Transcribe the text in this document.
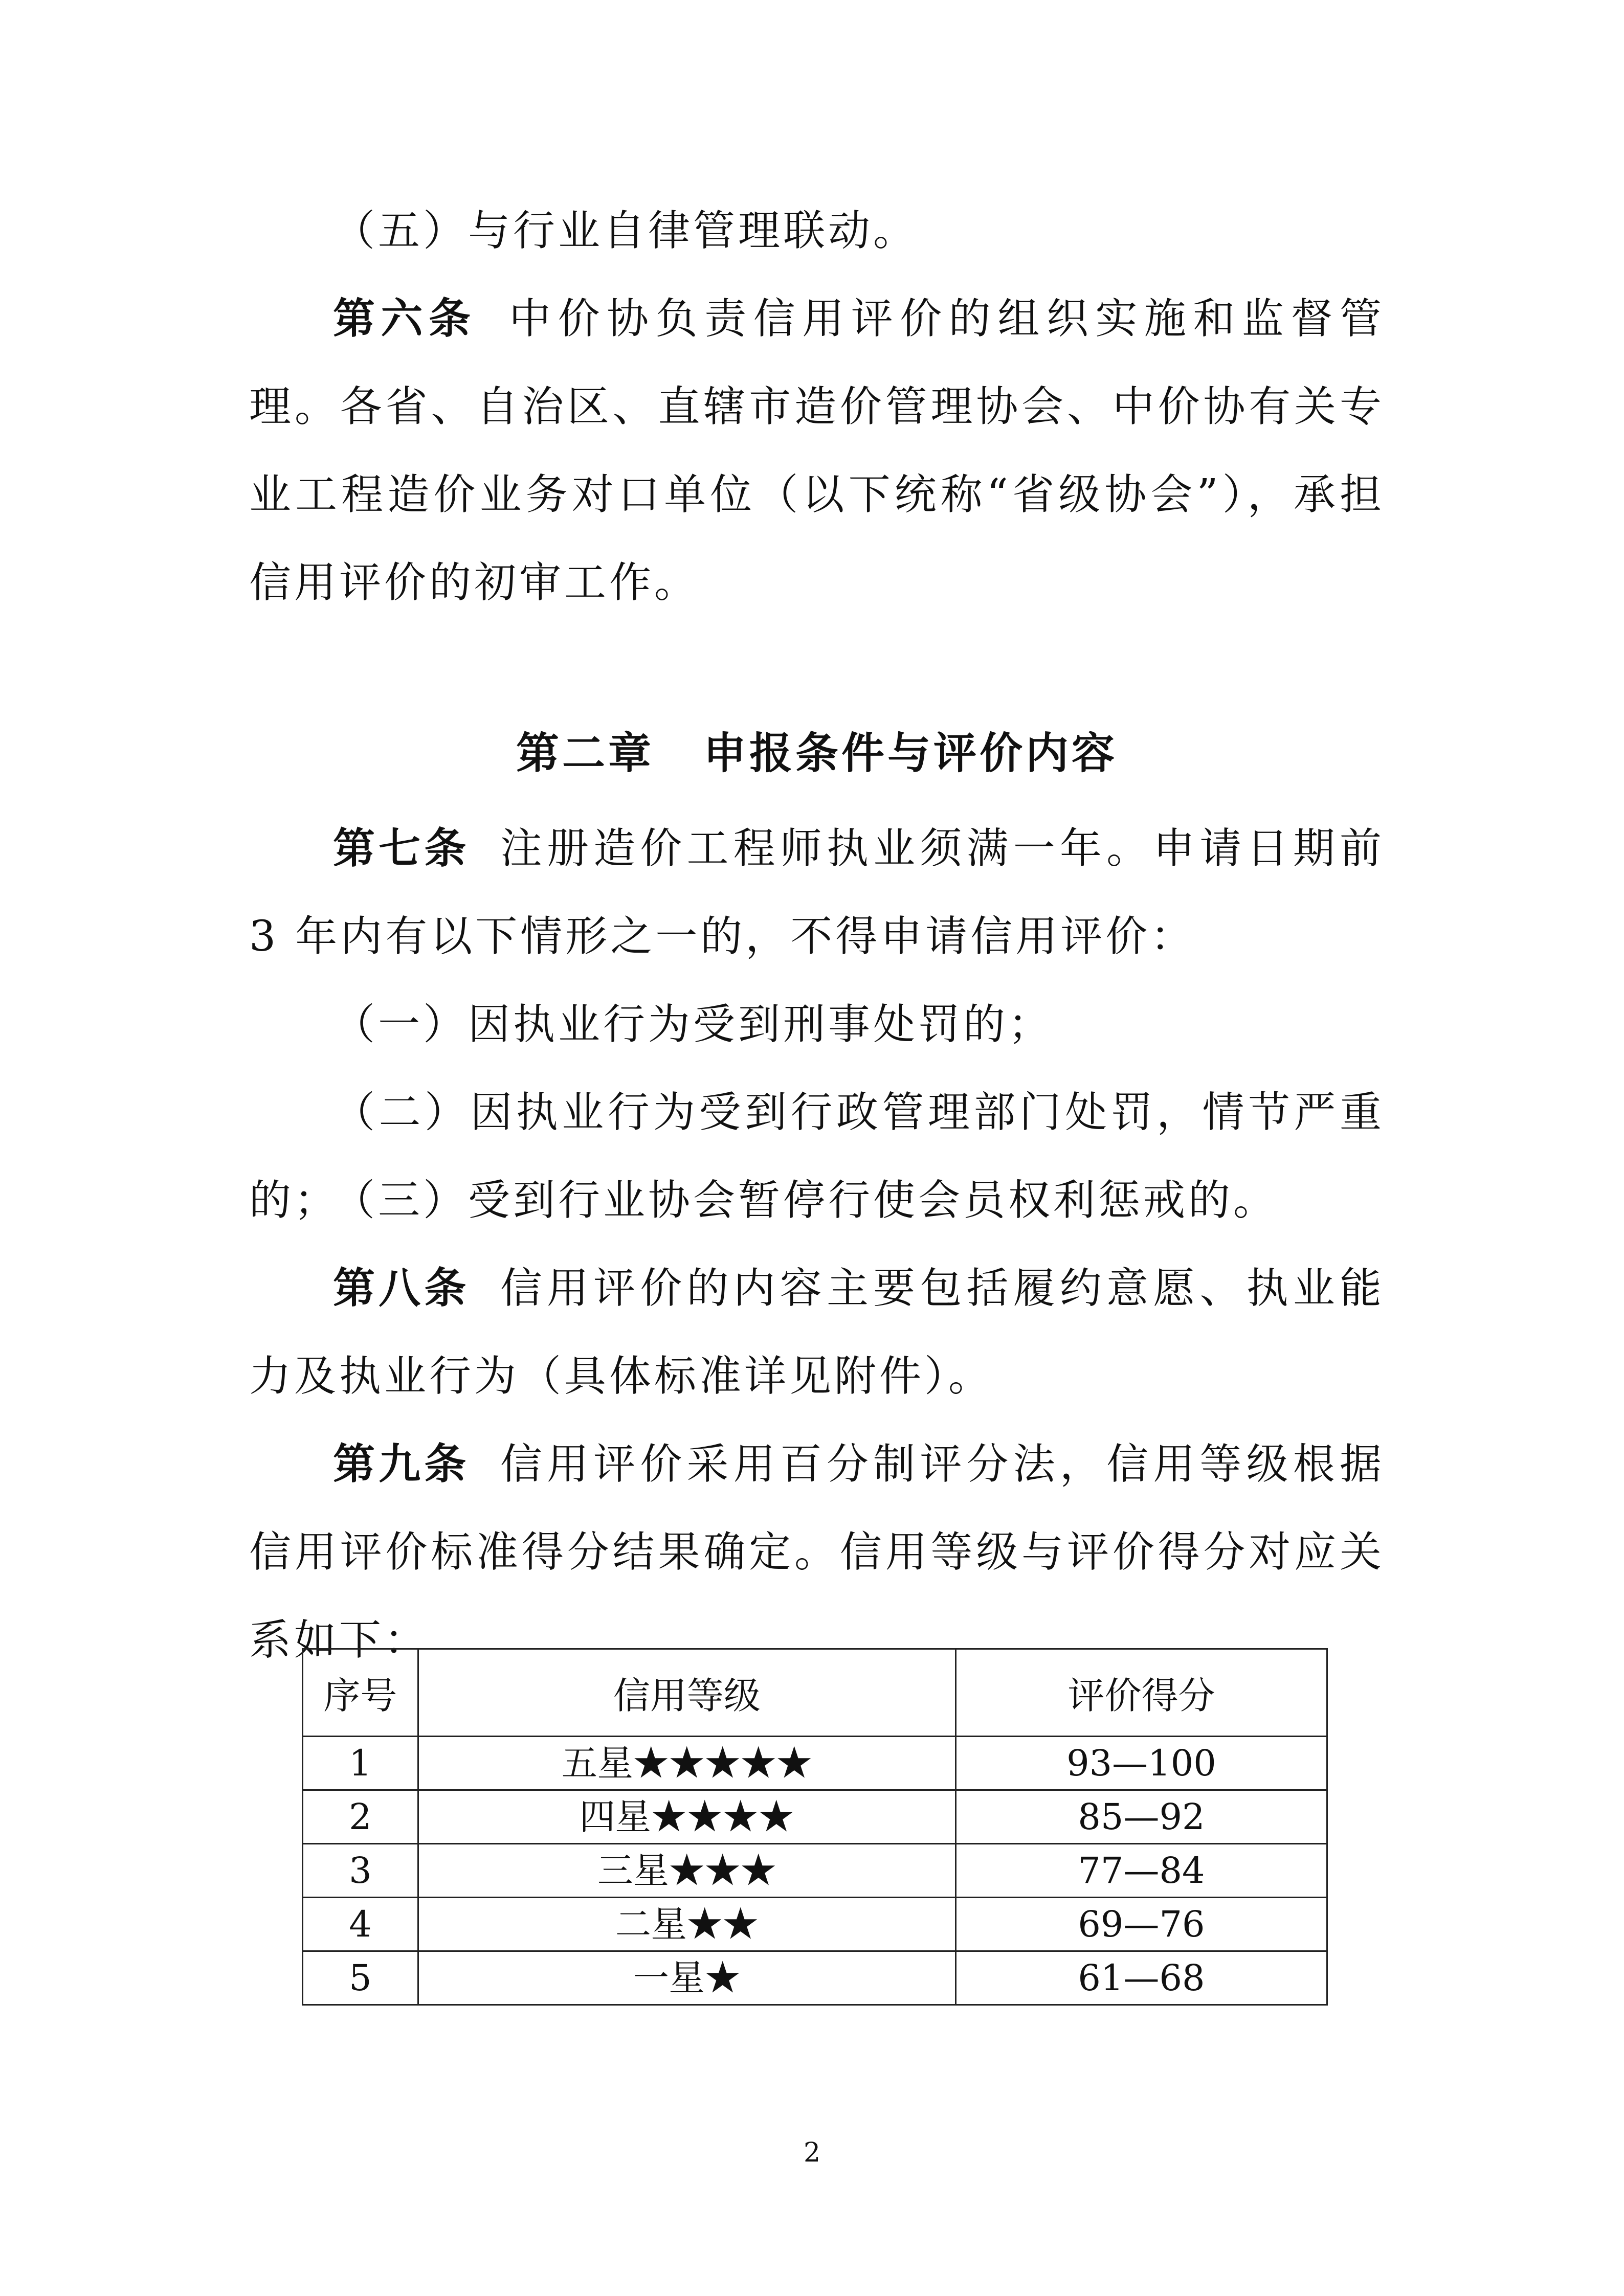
（五）与行业自律管理联动。

第六条 中价协负责信用评价的组织实施和监督管理。各省、自治区、直辖市造价管理协会、中价协有关专业工程造价业务对口单位（以下统称“省级协会”），承担信用评价的初审工作。

第二章 申报条件与评价内容

第七条 注册造价工程师执业须满一年。申请日期前 3 年内有以下情形之一的，不得申请信用评价：

（一）因执业行为受到刑事处罚的；

（二）因执业行为受到行政管理部门处罚，情节严重的；

（三）受到行业协会暂停行使会员权利惩戒的。

第八条 信用评价的内容主要包括履约意愿、执业能力及执业行为（具体标准详见附件）。

第九条 信用评价采用百分制评分法，信用等级根据信用评价标准得分结果确定。信用等级与评价得分对应关系如下：

序号	信用等级	评价得分
1	五星★★★★★	93—100
2	四星★★★★	85—92
3	三星★★★	77—84
4	二星★★	69—76
5	一星★	61—68
2
